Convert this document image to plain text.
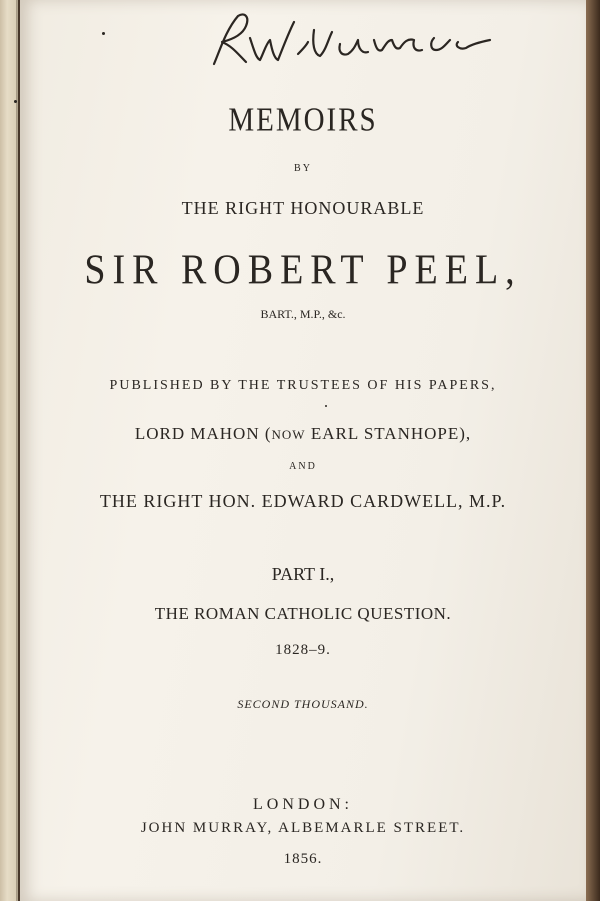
MEMOIRS
BY
THE RIGHT HONOURABLE
SIR ROBERT PEEL,
BART., M.P., &c.
PUBLISHED BY THE TRUSTEES OF HIS PAPERS,
LORD MAHON (NOW EARL STANHOPE),
AND
THE RIGHT HON. EDWARD CARDWELL, M.P.
PART I.,
THE ROMAN CATHOLIC QUESTION.
1828–9.
SECOND THOUSAND.
LONDON:
JOHN MURRAY, ALBEMARLE STREET.
1856.
